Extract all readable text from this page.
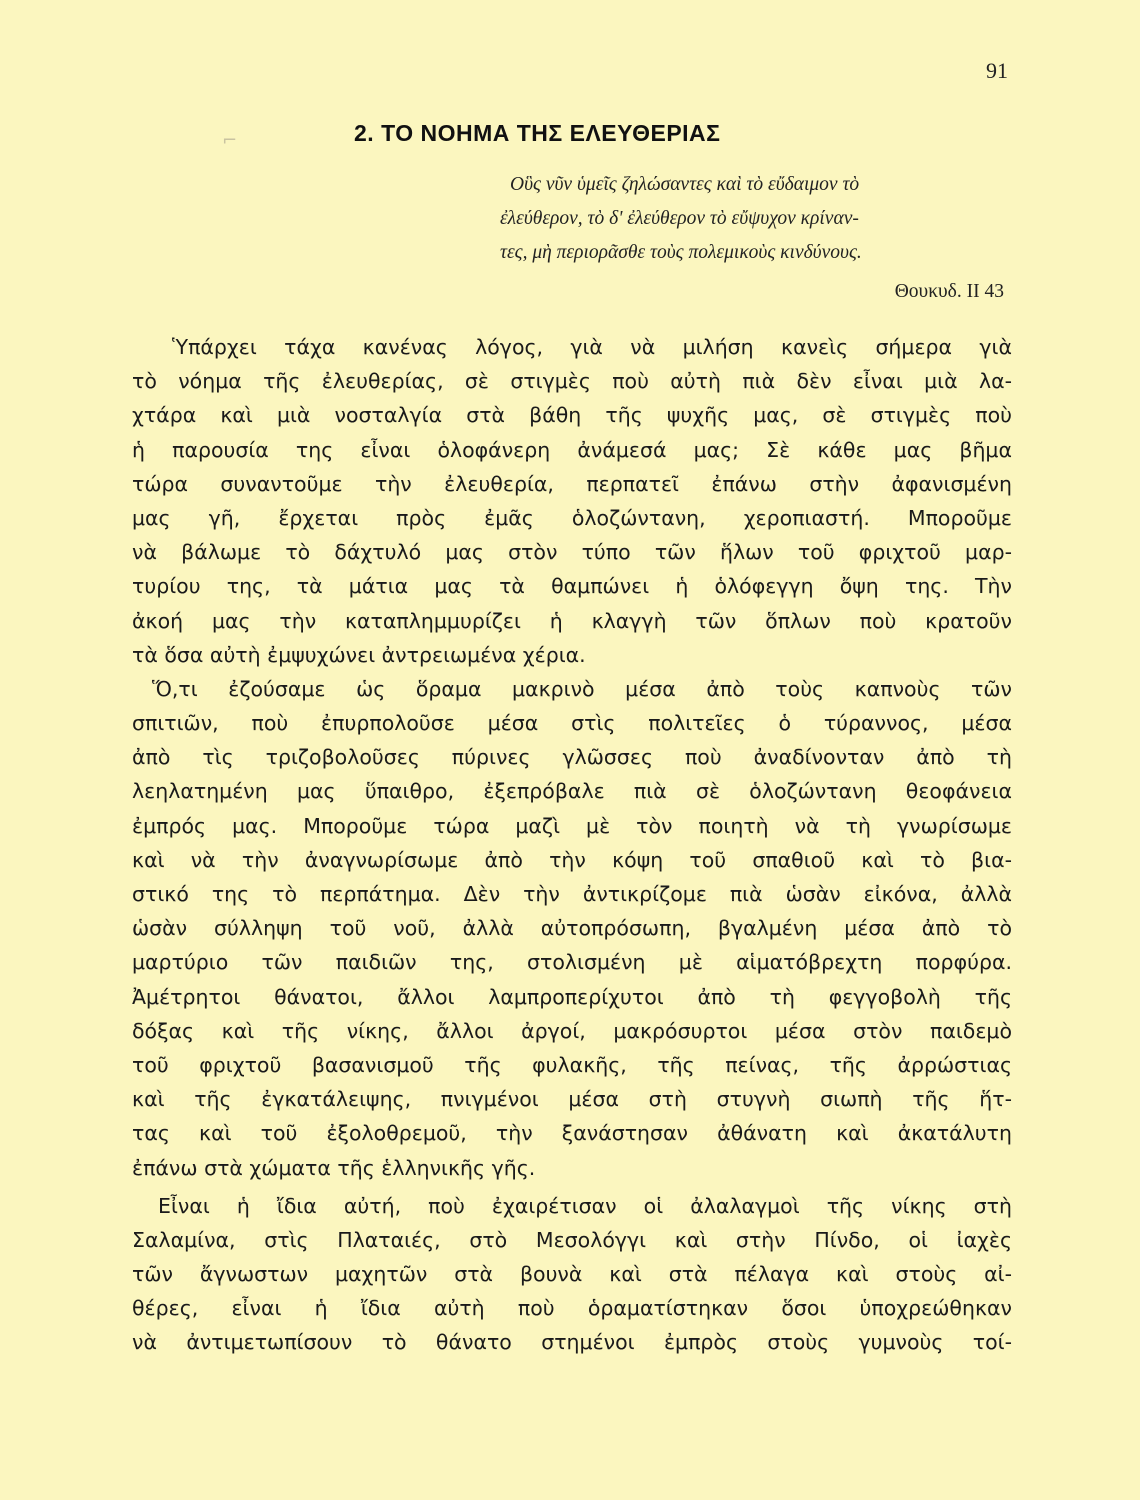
91
⌐	2. ΤΟ ΝΟΗΜΑ ΤΗΣ ΕΛΕΥΘΕΡΙΑΣ
Οὓς νῦν ὑμεῖς ζηλώσαντες καὶ τὸ εὔδαιμον τὸ
ἐλεύθερον, τὸ δ' ἐλεύθερον τὸ εὔψυχον κρίναν-
τες, μὴ περιορᾶσθε τοὺς πολεμικοὺς κινδύνους.
Θουκυδ. ΙΙ 43
Ὑπάρχει τάχα κανένας λόγος, γιὰ νὰ μιλήση κανεὶς σήμερα γιὰ
τὸ νόημα τῆς ἐλευθερίας, σὲ στιγμὲς ποὺ αὐτὴ πιὰ δὲν εἶναι μιὰ λα-
χτάρα καὶ μιὰ νοσταλγία στὰ βάθη τῆς ψυχῆς μας, σὲ στιγμὲς ποὺ
ἡ παρουσία της εἶναι ὁλοφάνερη ἀνάμεσά μας; Σὲ κάθε μας βῆμα
τώρα συναντοῦμε τὴν ἐλευθερία, περπατεῖ ἐπάνω στὴν ἀφανισμένη
μας γῆ, ἔρχεται πρὸς ἐμᾶς ὁλοζώντανη, χεροπιαστή. Μποροῦμε
νὰ βάλωμε τὸ δάχτυλό μας στὸν τύπο τῶν ἥλων τοῦ φριχτοῦ μαρ-
τυρίου της, τὰ μάτια μας τὰ θαμπώνει ἡ ὁλόφεγγη ὄψη της. Τὴν
ἀκοή μας τὴν καταπλημμυρίζει ἡ κλαγγὴ τῶν ὅπλων ποὺ κρατοῦν
τὰ ὅσα αὐτὴ ἐμψυχώνει ἀντρειωμένα χέρια.
Ὅ,τι ἐζούσαμε ὡς ὅραμα μακρινὸ μέσα ἀπὸ τοὺς καπνοὺς τῶν
σπιτιῶν, ποὺ ἐπυρπολοῦσε μέσα στὶς πολιτεῖες ὁ τύραννος, μέσα
ἀπὸ τὶς τριζοβολοῦσες πύρινες γλῶσσες ποὺ ἀναδίνονταν ἀπὸ τὴ
λεηλατημένη μας ὕπαιθρο, ἐξεπρόβαλε πιὰ σὲ ὁλοζώντανη θεοφάνεια
ἐμπρός μας. Μποροῦμε τώρα μαζὶ μὲ τὸν ποιητὴ νὰ τὴ γνωρίσωμε
καὶ νὰ τὴν ἀναγνωρίσωμε ἀπὸ τὴν κόψη τοῦ σπαθιοῦ καὶ τὸ βια-
στικό της τὸ περπάτημα. Δὲν τὴν ἀντικρίζομε πιὰ ὡσὰν εἰκόνα, ἀλλὰ
ὡσὰν σύλληψη τοῦ νοῦ, ἀλλὰ αὐτοπρόσωπη, βγαλμένη μέσα ἀπὸ τὸ
μαρτύριο τῶν παιδιῶν της, στολισμένη μὲ αἱματόβρεχτη πορφύρα.
Ἀμέτρητοι θάνατοι, ἄλλοι λαμπροπερίχυτοι ἀπὸ τὴ φεγγοβολὴ τῆς
δόξας καὶ τῆς νίκης, ἄλλοι ἀργοί, μακρόσυρτοι μέσα στὸν παιδεμὸ
τοῦ φριχτοῦ βασανισμοῦ τῆς φυλακῆς, τῆς πείνας, τῆς ἀρρώστιας
καὶ τῆς ἐγκατάλειψης, πνιγμένοι μέσα στὴ στυγνὴ σιωπὴ τῆς ἥτ-
τας καὶ τοῦ ἐξολοθρεμοῦ, τὴν ξανάστησαν ἀθάνατη καὶ ἀκατάλυτη
ἐπάνω στὰ χώματα τῆς ἑλληνικῆς γῆς.
Εἶναι ἡ ἴδια αὐτή, ποὺ ἐχαιρέτισαν οἱ ἀλαλαγμοὶ τῆς νίκης στὴ
Σαλαμίνα, στὶς Πλαταιές, στὸ Μεσολόγγι καὶ στὴν Πίνδο, οἱ ἰαχὲς
τῶν ἄγνωστων μαχητῶν στὰ βουνὰ καὶ στὰ πέλαγα καὶ στοὺς αἰ-
θέρες, εἶναι ἡ ἴδια αὐτὴ ποὺ ὁραματίστηκαν ὅσοι ὑποχρεώθηκαν
νὰ ἀντιμετωπίσουν τὸ θάνατο στημένοι ἐμπρὸς στοὺς γυμνοὺς τοί-
